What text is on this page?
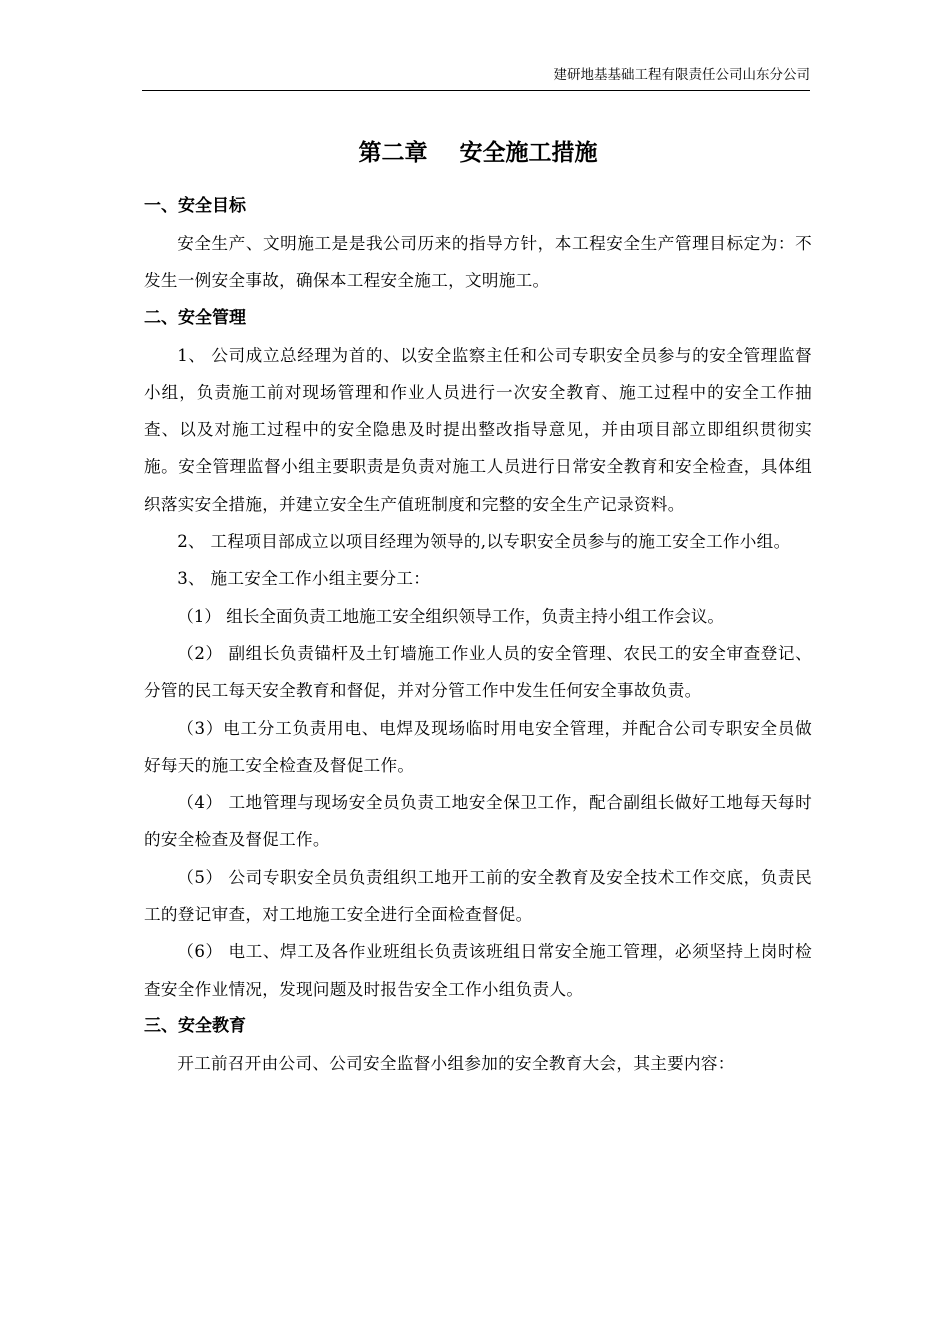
建研地基基础工程有限责任公司山东分公司
第二章    安全施工措施

一、安全目标

安全生产、文明施工是是我公司历来的指导方针，本工程安全生产管理目标定为：不发生一例安全事故，确保本工程安全施工，文明施工。

二、安全管理

1、 公司成立总经理为首的、以安全监察主任和公司专职安全员参与的安全管理监督小组，负责施工前对现场管理和作业人员进行一次安全教育、施工过程中的安全工作抽查、以及对施工过程中的安全隐患及时提出整改指导意见，并由项目部立即组织贯彻实施。安全管理监督小组主要职责是负责对施工人员进行日常安全教育和安全检查，具体组织落实安全措施，并建立安全生产值班制度和完整的安全生产记录资料。

2、 工程项目部成立以项目经理为领导的,以专职安全员参与的施工安全工作小组。

3、 施工安全工作小组主要分工：

（1） 组长全面负责工地施工安全组织领导工作，负责主持小组工作会议。

（2） 副组长负责锚杆及土钉墙施工作业人员的安全管理、农民工的安全审查登记、分管的民工每天安全教育和督促，并对分管工作中发生任何安全事故负责。

（3）电工分工负责用电、电焊及现场临时用电安全管理，并配合公司专职安全员做好每天的施工安全检查及督促工作。

（4） 工地管理与现场安全员负责工地安全保卫工作，配合副组长做好工地每天每时的安全检查及督促工作。

（5） 公司专职安全员负责组织工地开工前的安全教育及安全技术工作交底，负责民工的登记审查，对工地施工安全进行全面检查督促。

（6） 电工、焊工及各作业班组长负责该班组日常安全施工管理，必须坚持上岗时检查安全作业情况，发现问题及时报告安全工作小组负责人。

三、安全教育

开工前召开由公司、公司安全监督小组参加的安全教育大会，其主要内容：
